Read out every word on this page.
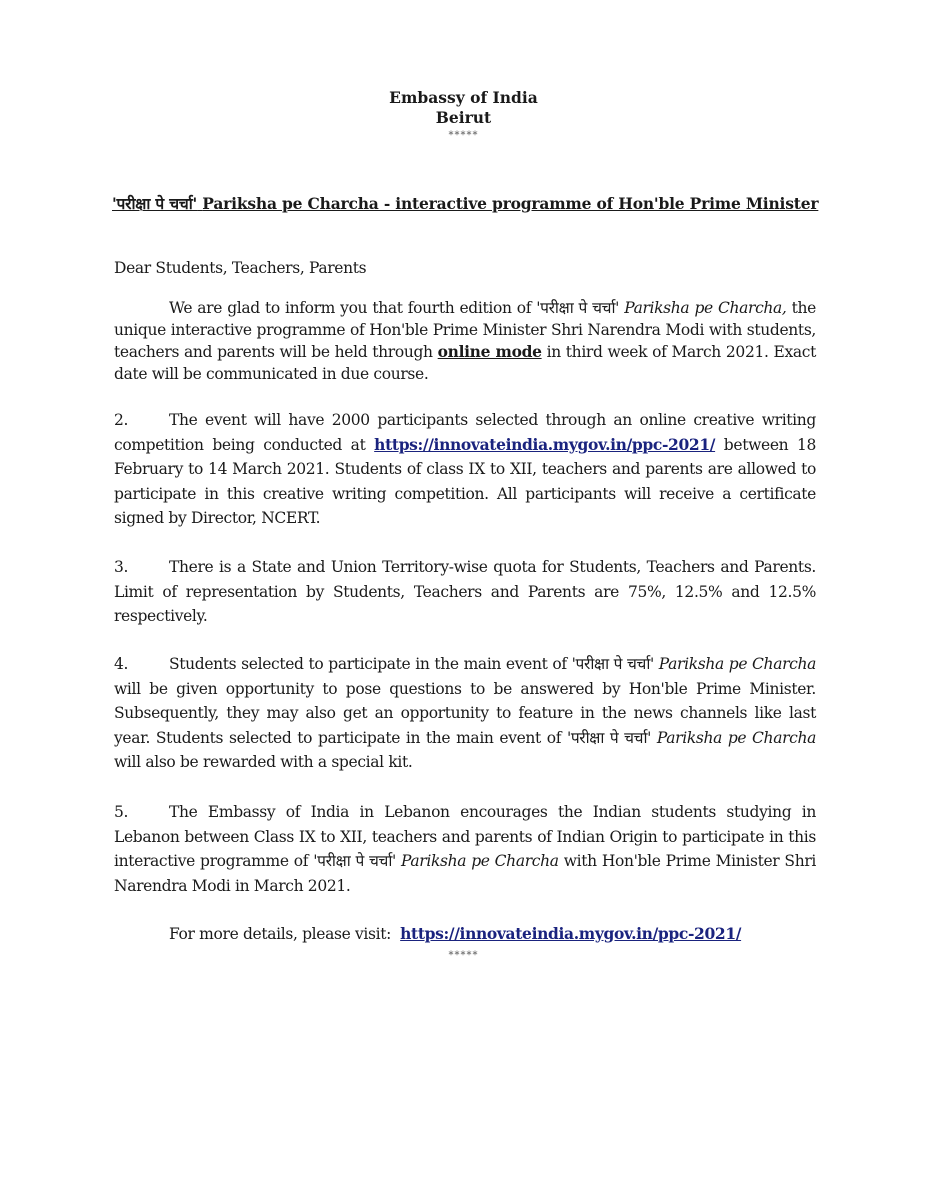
Embassy of India
Beirut
*****
'परीक्षा पे चर्चा' Pariksha pe Charcha - interactive programme of Hon'ble Prime Minister
Dear Students, Teachers, Parents
We are glad to inform you that fourth edition of 'परीक्षा पे चर्चा' Pariksha pe Charcha, the unique interactive programme of Hon'ble Prime Minister Shri Narendra Modi with students, teachers and parents will be held through online mode in third week of March 2021. Exact date will be communicated in due course.
2.	The event will have 2000 participants selected through an online creative writing competition being conducted at https://innovateindia.mygov.in/ppc-2021/ between 18 February to 14 March 2021. Students of class IX to XII, teachers and parents are allowed to participate in this creative writing competition. All participants will receive a certificate signed by Director, NCERT.
3.	There is a State and Union Territory-wise quota for Students, Teachers and Parents. Limit of representation by Students, Teachers and Parents are 75%, 12.5% and 12.5% respectively.
4.	Students selected to participate in the main event of 'परीक्षा पे चर्चा' Pariksha pe Charcha will be given opportunity to pose questions to be answered by Hon'ble Prime Minister. Subsequently, they may also get an opportunity to feature in the news channels like last year. Students selected to participate in the main event of 'परीक्षा पे चर्चा' Pariksha pe Charcha will also be rewarded with a special kit.
5.	The Embassy of India in Lebanon encourages the Indian students studying in Lebanon between Class IX to XII, teachers and parents of Indian Origin to participate in this interactive programme of 'परीक्षा पे चर्चा' Pariksha pe Charcha with Hon'ble Prime Minister Shri Narendra Modi in March 2021.
For more details, please visit:  https://innovateindia.mygov.in/ppc-2021/
*****
